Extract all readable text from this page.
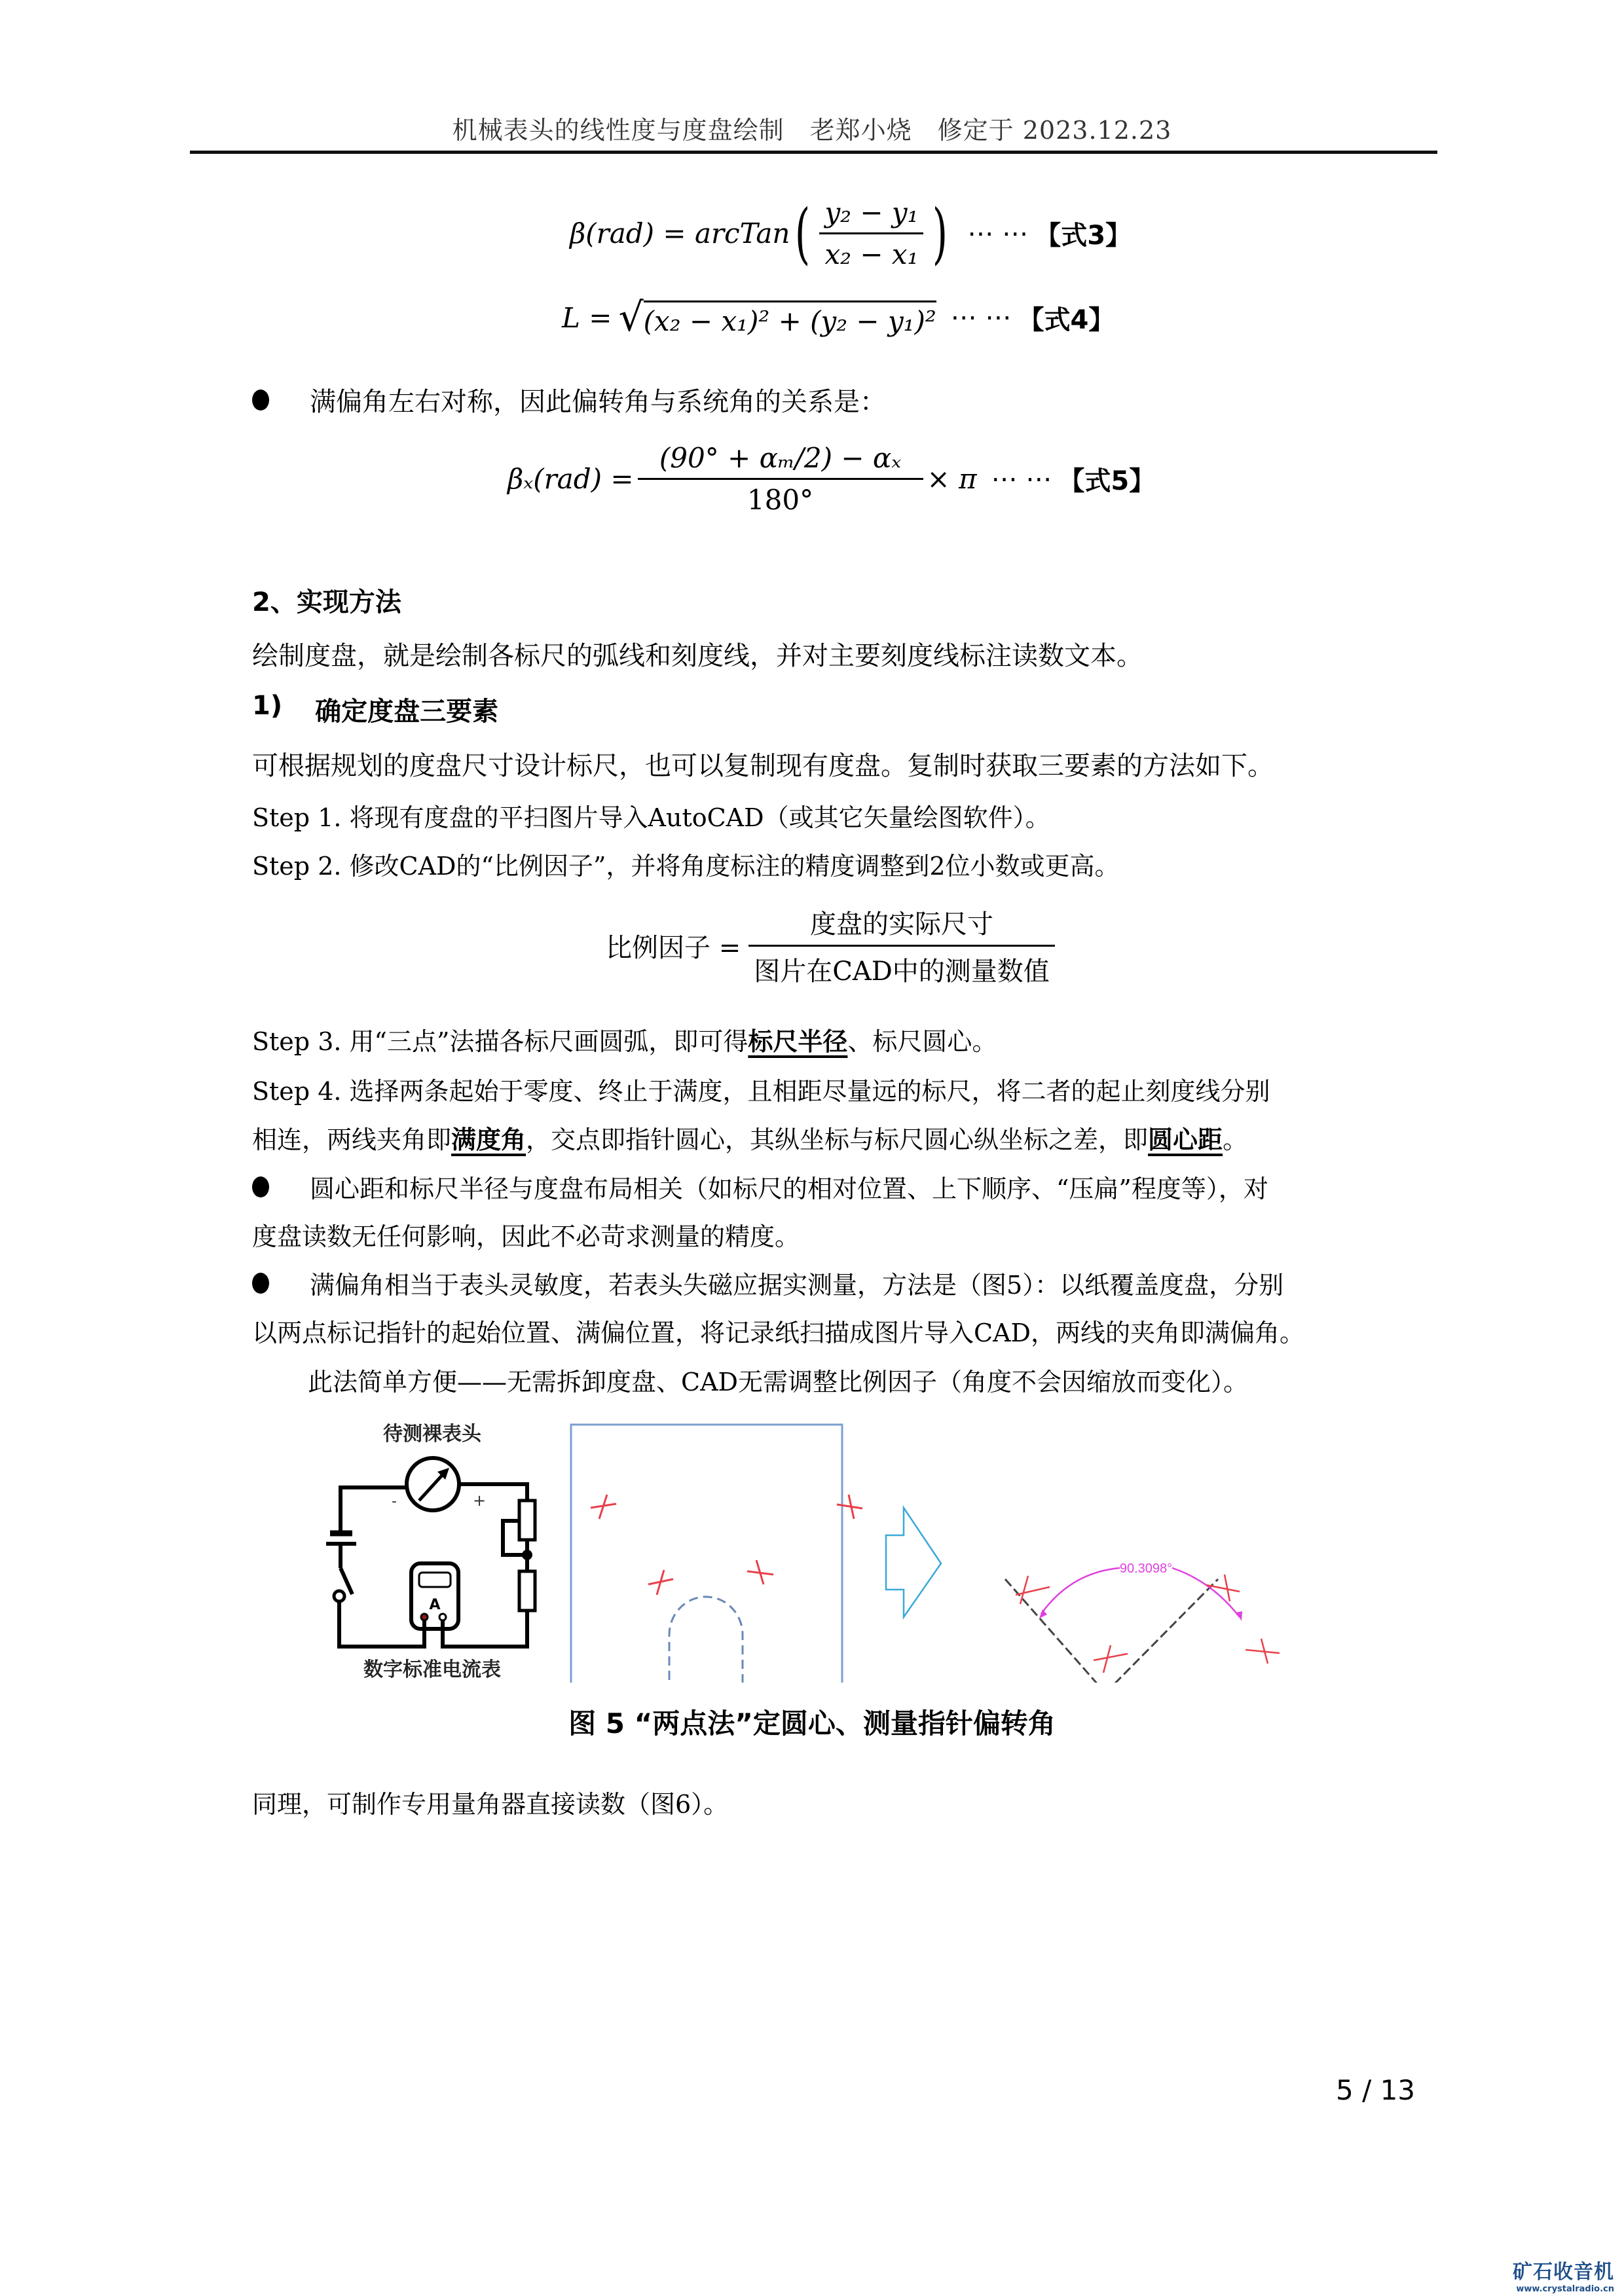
机械表头的线性度与度盘绘制　老郑小烧　修定于 2023.12.23
β(rad) = arcTan ( $\frac{\text{y₂ − y₁}}{\text{x₂ − x₁}}$ ) ⋯ ⋯ 【式3】
L = √ (x₂ − x₁)² + (y₂ − y₁)² ⋯ ⋯ 【式4】
满偏角左右对称，因此偏转角与系统角的关系是：
$\beta_x(rad) = \frac{\text{(90° + αₘ/2) − αₓ}}{180^\circ} \times \pi$ ⋯ ⋯ 【式5】
2、实现方法
绘制度盘，就是绘制各标尺的弧线和刻度线，并对主要刻度线标注读数文本。
1) 确定度盘三要素
可根据规划的度盘尺寸设计标尺，也可以复制现有度盘。复制时获取三要素的方法如下。
Step 1. 将现有度盘的平扫图片导入AutoCAD（或其它矢量绘图软件）。
Step 2. 修改CAD的“比例因子”，并将角度标注的精度调整到2位小数或更高。
比例因子 = $\frac{\text{度盘的实际尺寸}}{\text{图片在CAD中的测量数值}}$
Step 3. 用“三点”法描各标尺画圆弧，即可得标尺半径、标尺圆心。
Step 4. 选择两条起始于零度、终止于满度，且相距尽量远的标尺，将二者的起止刻度线分别
相连，两线夹角即满度角，交点即指针圆心，其纵坐标与标尺圆心纵坐标之差，即圆心距。
圆心距和标尺半径与度盘布局相关（如标尺的相对位置、上下顺序、“压扁”程度等），对
度盘读数无任何影响，因此不必苛求测量的精度。
满偏角相当于表头灵敏度，若表头失磁应据实测量，方法是（图5）：以纸覆盖度盘，分别
以两点标记指针的起始位置、满偏位置，将记录纸扫描成图片导入CAD，两线的夹角即满偏角。
此法简单方便——无需拆卸度盘、CAD无需调整比例因子（角度不会因缩放而变化）。
待测裸表头
-	+
A
数字标准电流表
90.3098°
图 5 “两点法”定圆心、测量指针偏转角
同理，可制作专用量角器直接读数（图6）。
5 / 13
矿石收音机
www.crystalradio.cn
